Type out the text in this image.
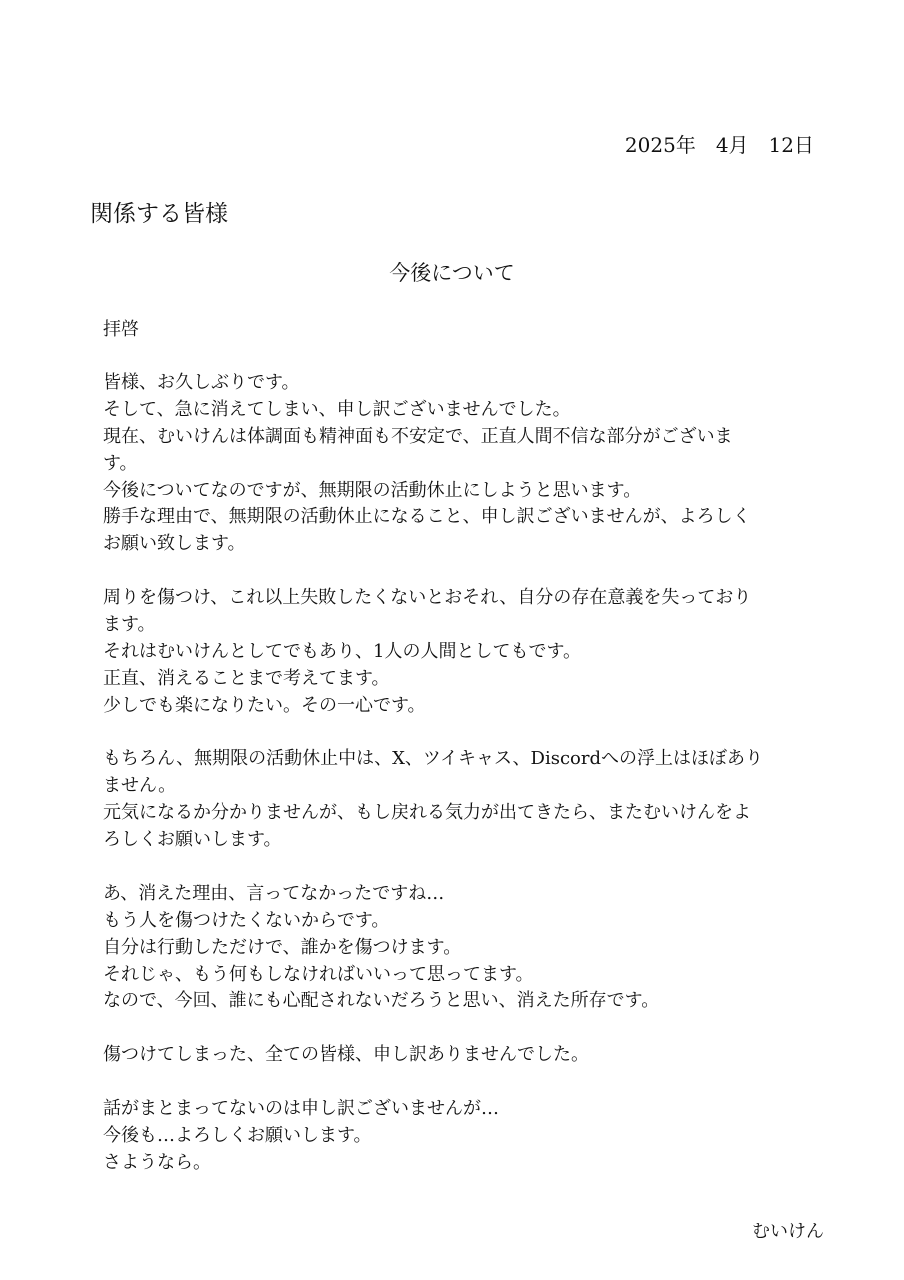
2025年　4月　12日
関係する皆様
今後について
拝啓
皆様、お久しぶりです。
そして、急に消えてしまい、申し訳ございませんでした。
現在、むいけんは体調面も精神面も不安定で、正直人間不信な部分がございま
す。
今後についてなのですが、無期限の活動休止にしようと思います。
勝手な理由で、無期限の活動休止になること、申し訳ございませんが、よろしく
お願い致します。
周りを傷つけ、これ以上失敗したくないとおそれ、自分の存在意義を失っており
ます。
それはむいけんとしてでもあり、1人の人間としてもです。
正直、消えることまで考えてます。
少しでも楽になりたい。その一心です。
もちろん、無期限の活動休止中は、X、ツイキャス、Discordへの浮上はほぼあり
ません。
元気になるか分かりませんが、もし戻れる気力が出てきたら、またむいけんをよ
ろしくお願いします。
あ、消えた理由、言ってなかったですね…
もう人を傷つけたくないからです。
自分は行動しただけで、誰かを傷つけます。
それじゃ、もう何もしなければいいって思ってます。
なので、今回、誰にも心配されないだろうと思い、消えた所存です。
傷つけてしまった、全ての皆様、申し訳ありませんでした。
話がまとまってないのは申し訳ございませんが…
今後も…よろしくお願いします。
さようなら。
むいけん
